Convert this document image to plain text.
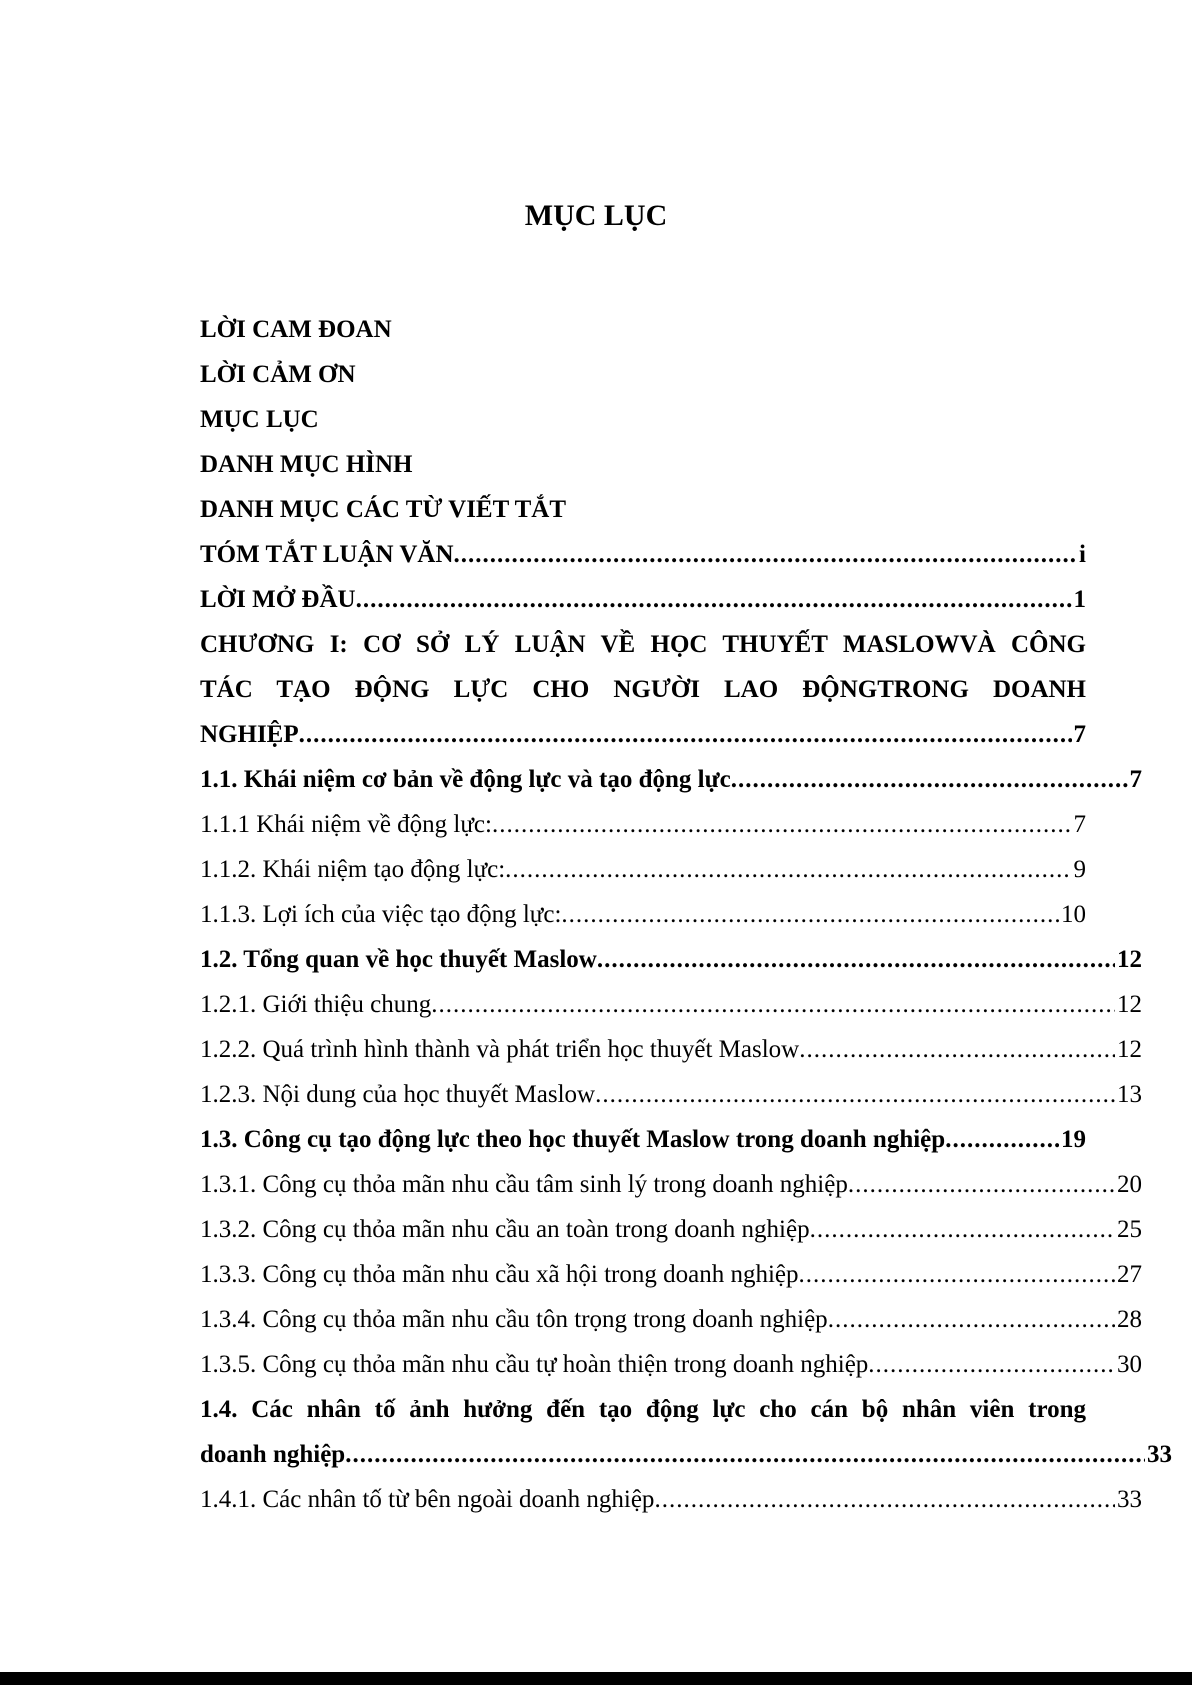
MỤC LỤC
LỜI CAM ĐOAN
LỜI CẢM ƠN
MỤC LỤC
DANH MỤC HÌNH
DANH MỤC CÁC TỪ VIẾT TẮT
TÓM TẮT LUẬN VĂN .....	i
LỜI MỞ ĐẦU .....	1
CHƯƠNG I: CƠ SỞ LÝ LUẬN VỀ HỌC THUYẾT MASLOWVÀ CÔNG
TÁC TẠO ĐỘNG LỰC CHO NGƯỜI LAO ĐỘNGTRONG DOANH
NGHIỆP .....	7
1.1. Khái niệm cơ bản về động lực và tạo động lực .....	7
1.1.1 Khái niệm về động lực: .....	7
1.1.2. Khái niệm tạo động lực: .....	9
1.1.3. Lợi ích của việc tạo động lực: .....	10
1.2. Tổng quan về học thuyết Maslow .....	12
1.2.1. Giới thiệu chung .....	12
1.2.2. Quá trình hình thành và phát triển học thuyết Maslow .....	12
1.2.3. Nội dung của học thuyết Maslow .....	13
1.3. Công cụ tạo động lực theo học thuyết Maslow trong doanh nghiệp .....	19
1.3.1. Công cụ thỏa mãn nhu cầu tâm sinh lý trong doanh nghiệp .....	20
1.3.2. Công cụ thỏa mãn nhu cầu an toàn trong doanh nghiệp .....	25
1.3.3. Công cụ thỏa mãn nhu cầu xã hội trong doanh nghiệp .....	27
1.3.4. Công cụ thỏa mãn nhu cầu tôn trọng trong doanh nghiệp .....	28
1.3.5. Công cụ thỏa mãn nhu cầu tự hoàn thiện trong doanh nghiệp .....	30
1.4. Các nhân tố ảnh hưởng đến tạo động lực cho cán bộ nhân viên trong
doanh nghiệp .....	33
1.4.1. Các nhân tố từ bên ngoài doanh nghiệp .....	33
